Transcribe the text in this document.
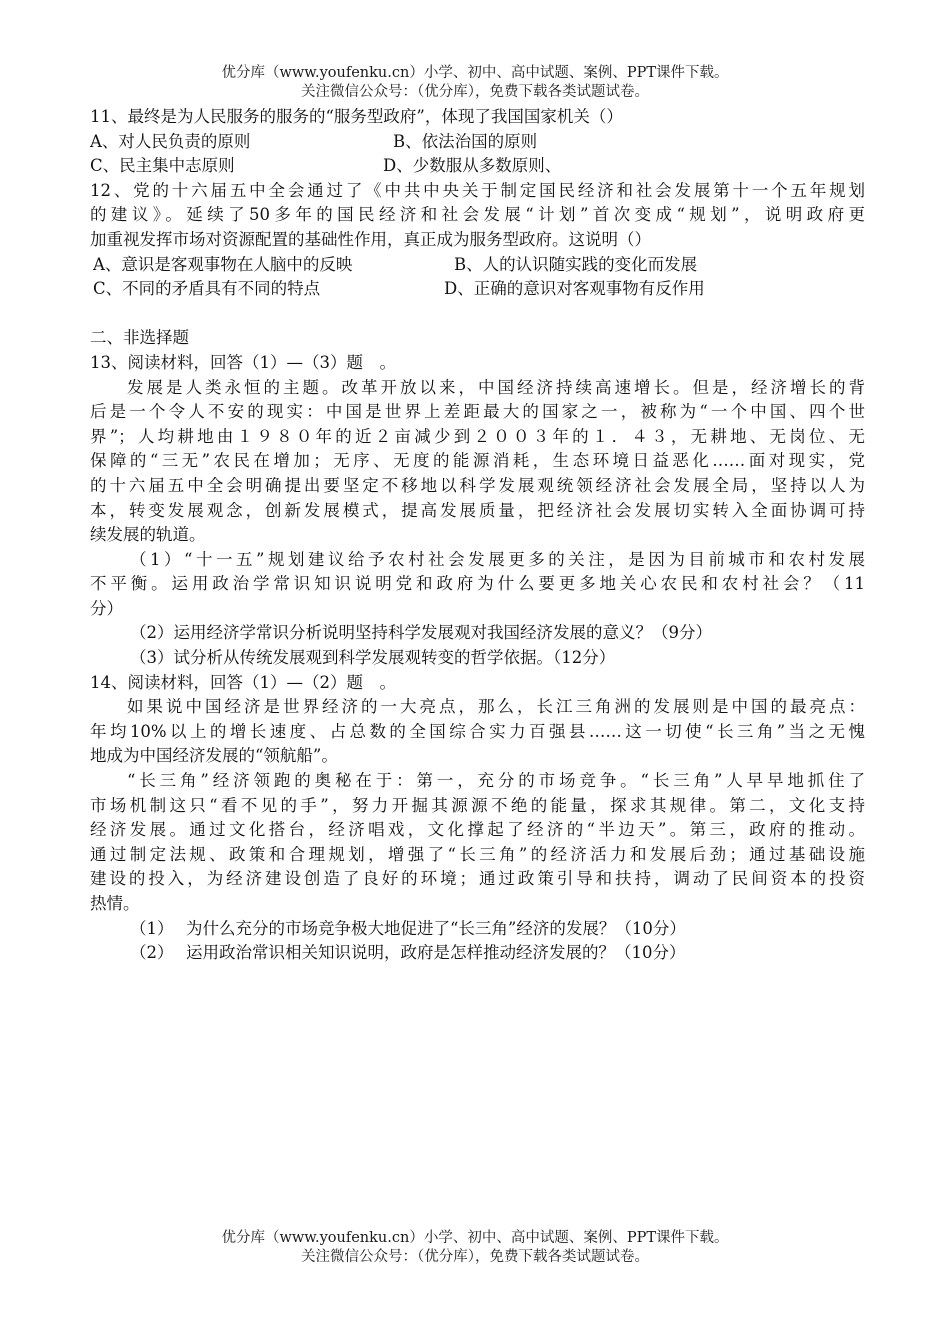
优分库（www.youfenku.cn）小学、初中、高中试题、案例、PPT课件下载。
关注微信公众号：（优分库），免费下载各类试题试卷。
11、最终是为人民服务的服务的“服务型政府”，体现了我国国家机关（）
A、对人民负责的原则	B、依法治国的原则
C、民主集中志原则	D、少数服从多数原则、
12、党的十六届五中全会通过了《中共中央关于制定国民经济和社会发展第十一个五年规划
的建议》。延续了50多年的国民经济和社会发展“计划”首次变成“规划”，说明政府更
加重视发挥市场对资源配置的基础性作用，真正成为服务型政府。这说明（）
A、意识是客观事物在人脑中的反映	B、人的认识随实践的变化而发展
C、不同的矛盾具有不同的特点	D、正确的意识对客观事物有反作用
二、非选择题
13、阅读材料，回答（1）—（3）题　。
发展是人类永恒的主题。改革开放以来，中国经济持续高速增长。但是，经济增长的背
后是一个令人不安的现实：中国是世界上差距最大的国家之一，被称为“一个中国、四个世
界”；人均耕地由１９８０年的近２亩减少到２００３年的１．４３，无耕地、无岗位、无
保障的“三无”农民在增加；无序、无度的能源消耗，生态环境日益恶化……面对现实，党
的十六届五中全会明确提出要坚定不移地以科学发展观统领经济社会发展全局，坚持以人为
本，转变发展观念，创新发展模式，提高发展质量，把经济社会发展切实转入全面协调可持
续发展的轨道。
（1）“十一五”规划建议给予农村社会发展更多的关注，是因为目前城市和农村发展
不平衡。运用政治学常识知识说明党和政府为什么要更多地关心农民和农村社会？（11
分）
（2）运用经济学常识分析说明坚持科学发展观对我国经济发展的意义？（9分）
（3）试分析从传统发展观到科学发展观转变的哲学依据。（12分）
14、阅读材料，回答（1）—（2）题　。
如果说中国经济是世界经济的一大亮点，那么，长江三角洲的发展则是中国的最亮点：
年均10%以上的增长速度、占总数的全国综合实力百强县……这一切使“长三角”当之无愧
地成为中国经济发展的“领航船”。
“长三角”经济领跑的奥秘在于：第一，充分的市场竞争。“长三角”人早早地抓住了
市场机制这只“看不见的手”，努力开掘其源源不绝的能量，探求其规律。第二，文化支持
经济发展。通过文化搭台，经济唱戏，文化撑起了经济的“半边天”。第三，政府的推动。
通过制定法规、政策和合理规划，增强了“长三角”的经济活力和发展后劲；通过基础设施
建设的投入，为经济建设创造了良好的环境；通过政策引导和扶持，调动了民间资本的投资
热情。
（1） 为什么充分的市场竞争极大地促进了“长三角”经济的发展？（10分）
（2） 运用政治常识相关知识说明，政府是怎样推动经济发展的？（10分）
优分库（www.youfenku.cn）小学、初中、高中试题、案例、PPT课件下载。
关注微信公众号：（优分库），免费下载各类试题试卷。
